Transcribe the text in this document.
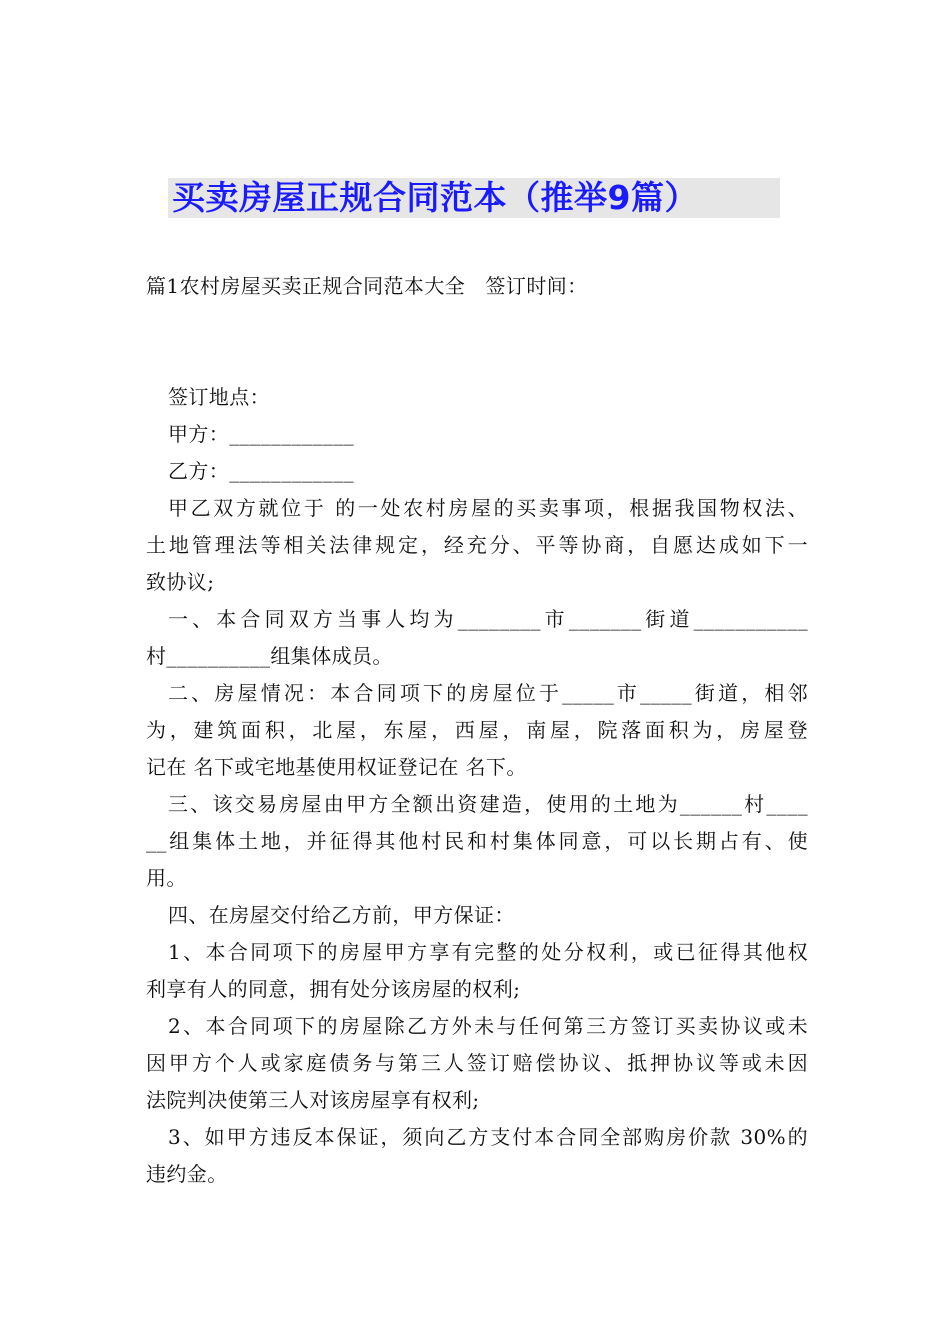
买卖房屋正规合同范本（推举9篇）
篇1农村房屋买卖正规合同范本大全　签订时间：
签订地点：
甲方：____________
乙方：____________
甲乙双方就位于 的一处农村房屋的买卖事项，根据我国物权法、
土地管理法等相关法律规定，经充分、平等协商，自愿达成如下一
致协议;
一、本合同双方当事人均为________市_______街道___________
村__________组集体成员。
二、房屋情况：本合同项下的房屋位于_____市_____街道，相邻
为，建筑面积，北屋，东屋，西屋，南屋，院落面积为，房屋登
记在 名下或宅地基使用权证登记在 名下。
三、该交易房屋由甲方全额出资建造，使用的土地为______村____
__组集体土地，并征得其他村民和村集体同意，可以长期占有、使
用。
四、在房屋交付给乙方前，甲方保证：
1、本合同项下的房屋甲方享有完整的处分权利，或已征得其他权
利享有人的同意，拥有处分该房屋的权利;
2、本合同项下的房屋除乙方外未与任何第三方签订买卖协议或未
因甲方个人或家庭债务与第三人签订赔偿协议、抵押协议等或未因
法院判决使第三人对该房屋享有权利;
3、如甲方违反本保证，须向乙方支付本合同全部购房价款 30%的
违约金。
